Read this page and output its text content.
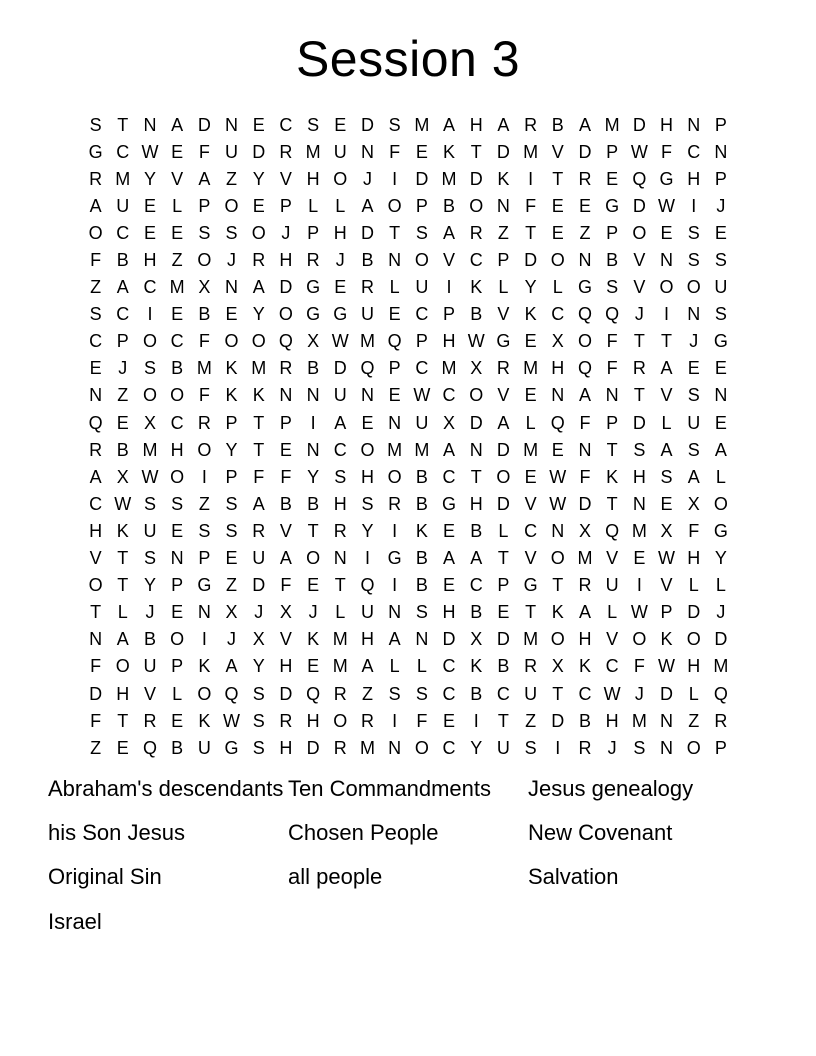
Session 3
S T N A D N E C S E D S M A H A R B A M D H N P
G C W E F U D R M U N F E K T D M V D P W F C N
R M Y V A Z Y V H O J	I	D M D K	I	T R E Q G H P
A U E L P O E P L L A O P B O N F E E G D W I	J
O C E E S S O J P H D T S A R Z T E Z P O E S E
F B H Z O J R H R J B N O V C P D O N B V N S S
Z A C M X N A D G E R L U	I	K L Y L G S V O O U
S C	I	E B E Y O G G U E C P B V K C Q Q J	I	N S
C P O C F O O Q X W M Q P H W G E X O F T T J G
E J S B M K M R B D Q P C M X R M H Q F R A E E
N Z O O F K K N N U N E W C O V E N A N T V S N
Q E X C R P T P	I	A E N U X D A L Q F P D L U E
R B M H O Y T E N C O M M A N D M E N T S A S A
A X W O I	P F F Y S H O B C T O E W F K H S A L
C W S S Z S A B B H S R B G H D V W D T N E X O
H K U E S S R V T R Y	I	K E B L C N X Q M X F G
V T S N P E U A O N	I G B A A T V O M V E W H Y
O T Y P G Z D F E T Q I	B E C P G T R U	I	V L L
T L J E N X J X J L U N S H B E T K A L W P D J
N A B O I	J X V K M H A N D X D M O H V O K O D
F O U P K A Y H E M A L L C K B R X K C F W H M
D H V L O Q S D Q R Z S S C B C U T C W J D L Q
F T R E K W S R H O R	I	F E	I	T Z D B H M N Z R
Z E Q B U G S H D R M N O C Y U S	I	R J S N O P
Abraham's descendants Ten Commandments	Jesus genealogy
his Son Jesus	Chosen People	New Covenant
Original Sin	all people	Salvation
Israel
